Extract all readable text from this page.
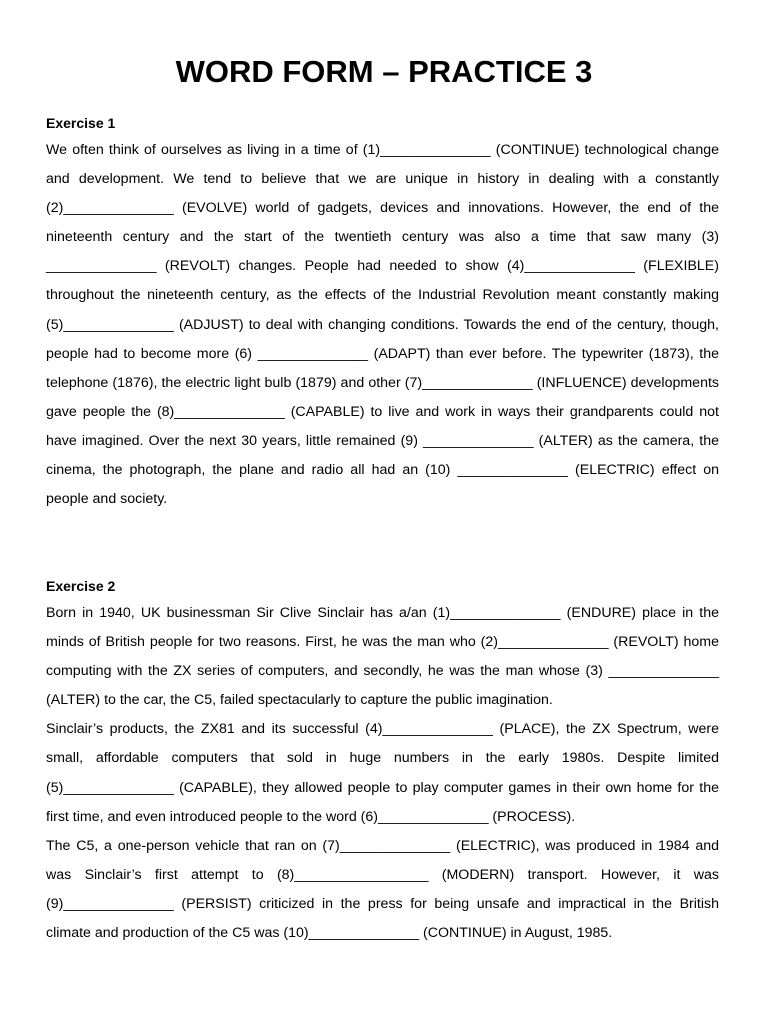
WORD FORM – PRACTICE 3
Exercise 1

We often think of ourselves as living in a time of (1)______________ (CONTINUE) technological change and development. We tend to believe that we are unique in history in dealing with a constantly (2)______________ (EVOLVE) world of gadgets, devices and innovations. However, the end of the nineteenth century and the start of the twentieth century was also a time that saw many (3) ______________ (REVOLT) changes. People had needed to show (4)______________ (FLEXIBLE) throughout the nineteenth century, as the effects of the Industrial Revolution meant constantly making (5)______________ (ADJUST) to deal with changing conditions. Towards the end of the century, though, people had to become more (6) ______________ (ADAPT) than ever before. The typewriter (1873), the telephone (1876), the electric light bulb (1879) and other (7)______________ (INFLUENCE) developments gave people the (8)______________ (CAPABLE) to live and work in ways their grandparents could not have imagined. Over the next 30 years, little remained (9) ______________ (ALTER) as the camera, the cinema, the photograph, the plane and radio all had an (10) ______________ (ELECTRIC) effect on people and society.

Exercise 2

Born in 1940, UK businessman Sir Clive Sinclair has a/an (1)______________ (ENDURE) place in the minds of British people for two reasons. First, he was the man who (2)______________ (REVOLT) home computing with the ZX series of computers, and secondly, he was the man whose (3) ______________ (ALTER) to the car, the C5, failed spectacularly to capture the public imagination.

Sinclair’s products, the ZX81 and its successful (4)______________ (PLACE), the ZX Spectrum, were small, affordable computers that sold in huge numbers in the early 1980s. Despite limited (5)______________ (CAPABLE), they allowed people to play computer games in their own home for the first time, and even introduced people to the word (6)______________ (PROCESS).

The C5, a one-person vehicle that ran on (7)______________ (ELECTRIC), was produced in 1984 and was Sinclair’s first attempt to (8)_________________ (MODERN) transport. However, it was (9)______________ (PERSIST) criticized in the press for being unsafe and impractical in the British climate and production of the C5 was (10)______________ (CONTINUE) in August, 1985.
